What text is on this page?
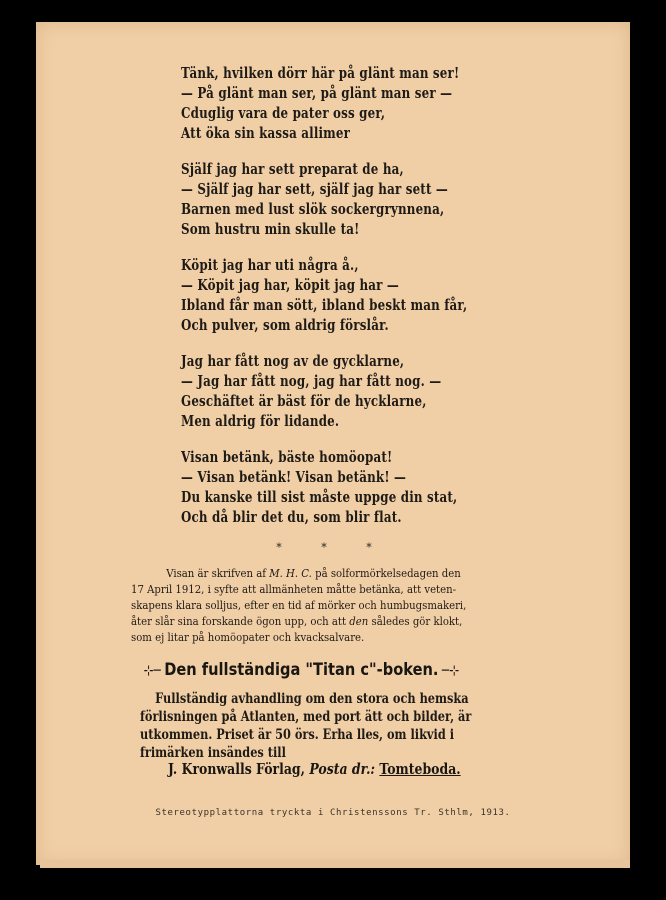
Tänk, hvilken dörr här på glänt man ser!
— På glänt man ser, på glänt man ser —
Cduglig vara de pater oss ger,
Att öka sin kassa allimer
Själf jag har sett preparat de ha,
— Själf jag har sett, själf jag har sett —
Barnen med lust slök sockergrynnena,
Som hustru min skulle ta!
Köpit jag har uti några å.,
— Köpit jag har, köpit jag har —
Ibland får man sött, ibland beskt man får,
Och pulver, som aldrig förslår.
Jag har fått nog av de gycklarne,
— Jag har fått nog, jag har fått nog. —
Geschäftet är bäst för de hycklarne,
Men aldrig för lidande.
Visan betänk, bäste homöopat!
— Visan betänk! Visan betänk! —
Du kanske till sist måste uppge din stat,
Och då blir det du, som blir flat.
* * *
Visan är skrifven af M. H. C. på solformörkelsedagen den
17 April 1912, i syfte att allmänheten måtte betänka, att veten-
skapens klara solljus, efter en tid af mörker och humbugsmakeri,
åter slår sina forskande ögon upp, och att den således gör klokt,
som ej litar på homöopater och kvacksalvare.
⊹─ Den fullständiga "Titan c"-boken. ─⊹
Fullständig avhandling om den stora och hemska
förlisningen på Atlanten, med port ätt och bilder, är
utkommen. Priset är 50 örs. Erha lles, om likvid i
frimärken insändes till
J. Kronwalls Förlag, Posta dr.: Tomteboda.
Stereotypplattorna tryckta i Christenssons Tr. Sthlm, 1913.
